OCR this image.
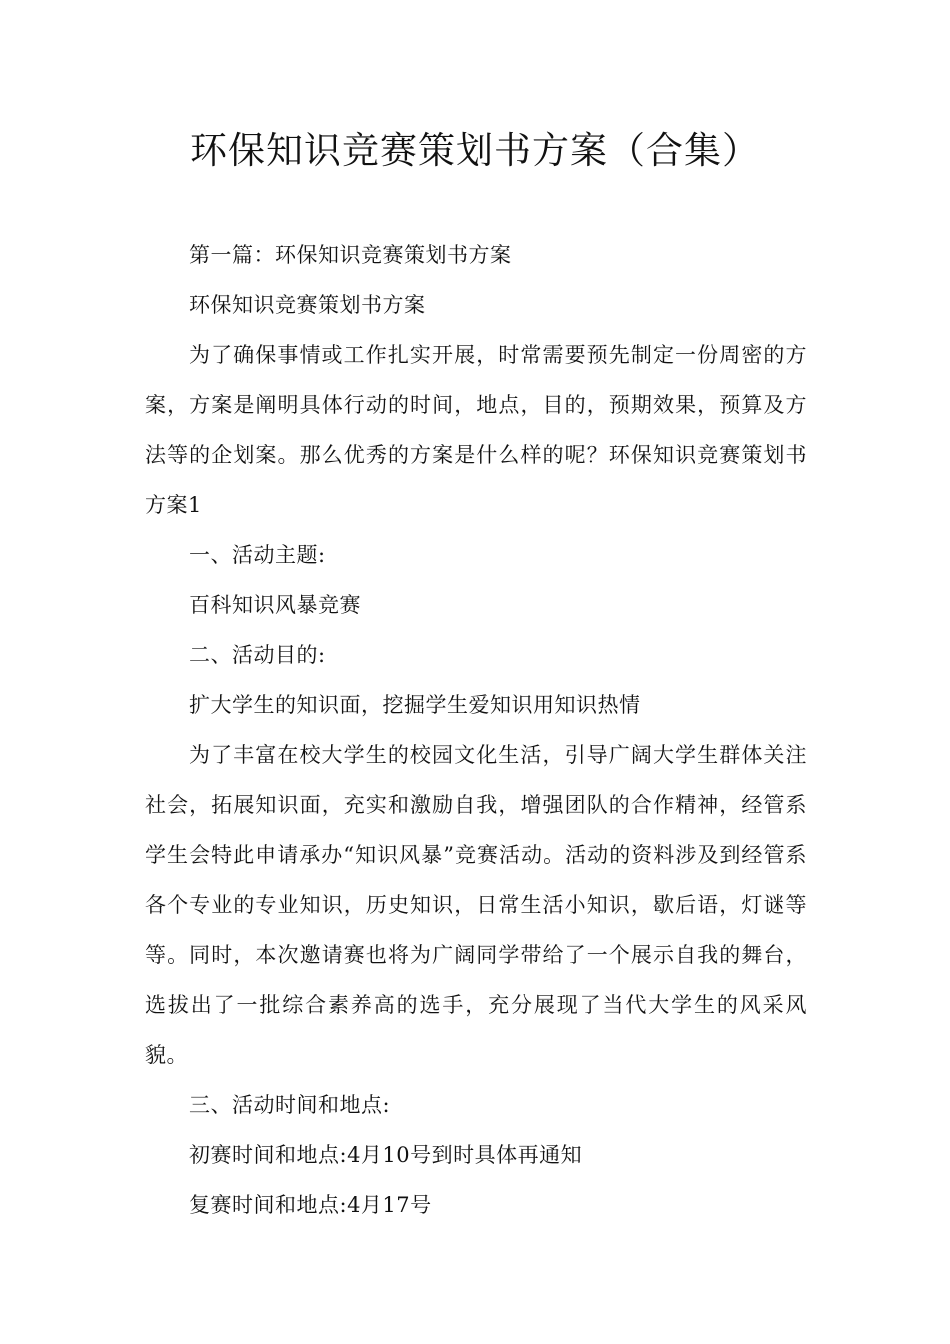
环保知识竞赛策划书方案（合集）

第一篇：环保知识竞赛策划书方案

环保知识竞赛策划书方案

为了确保事情或工作扎实开展，时常需要预先制定一份周密的方案，方案是阐明具体行动的时间，地点，目的，预期效果，预算及方法等的企划案。那么优秀的方案是什么样的呢？环保知识竞赛策划书方案1

一、活动主题:

百科知识风暴竞赛

二、活动目的:

扩大学生的知识面，挖掘学生爱知识用知识热情

为了丰富在校大学生的校园文化生活，引导广阔大学生群体关注社会，拓展知识面，充实和激励自我，增强团队的合作精神，经管系学生会特此申请承办“知识风暴”竞赛活动。活动的资料涉及到经管系各个专业的专业知识，历史知识，日常生活小知识，歇后语，灯谜等等。同时，本次邀请赛也将为广阔同学带给了一个展示自我的舞台，选拔出了一批综合素养高的选手，充分展现了当代大学生的风采风貌。

三、活动时间和地点:

初赛时间和地点:4月10号到时具体再通知

复赛时间和地点:4月17号
